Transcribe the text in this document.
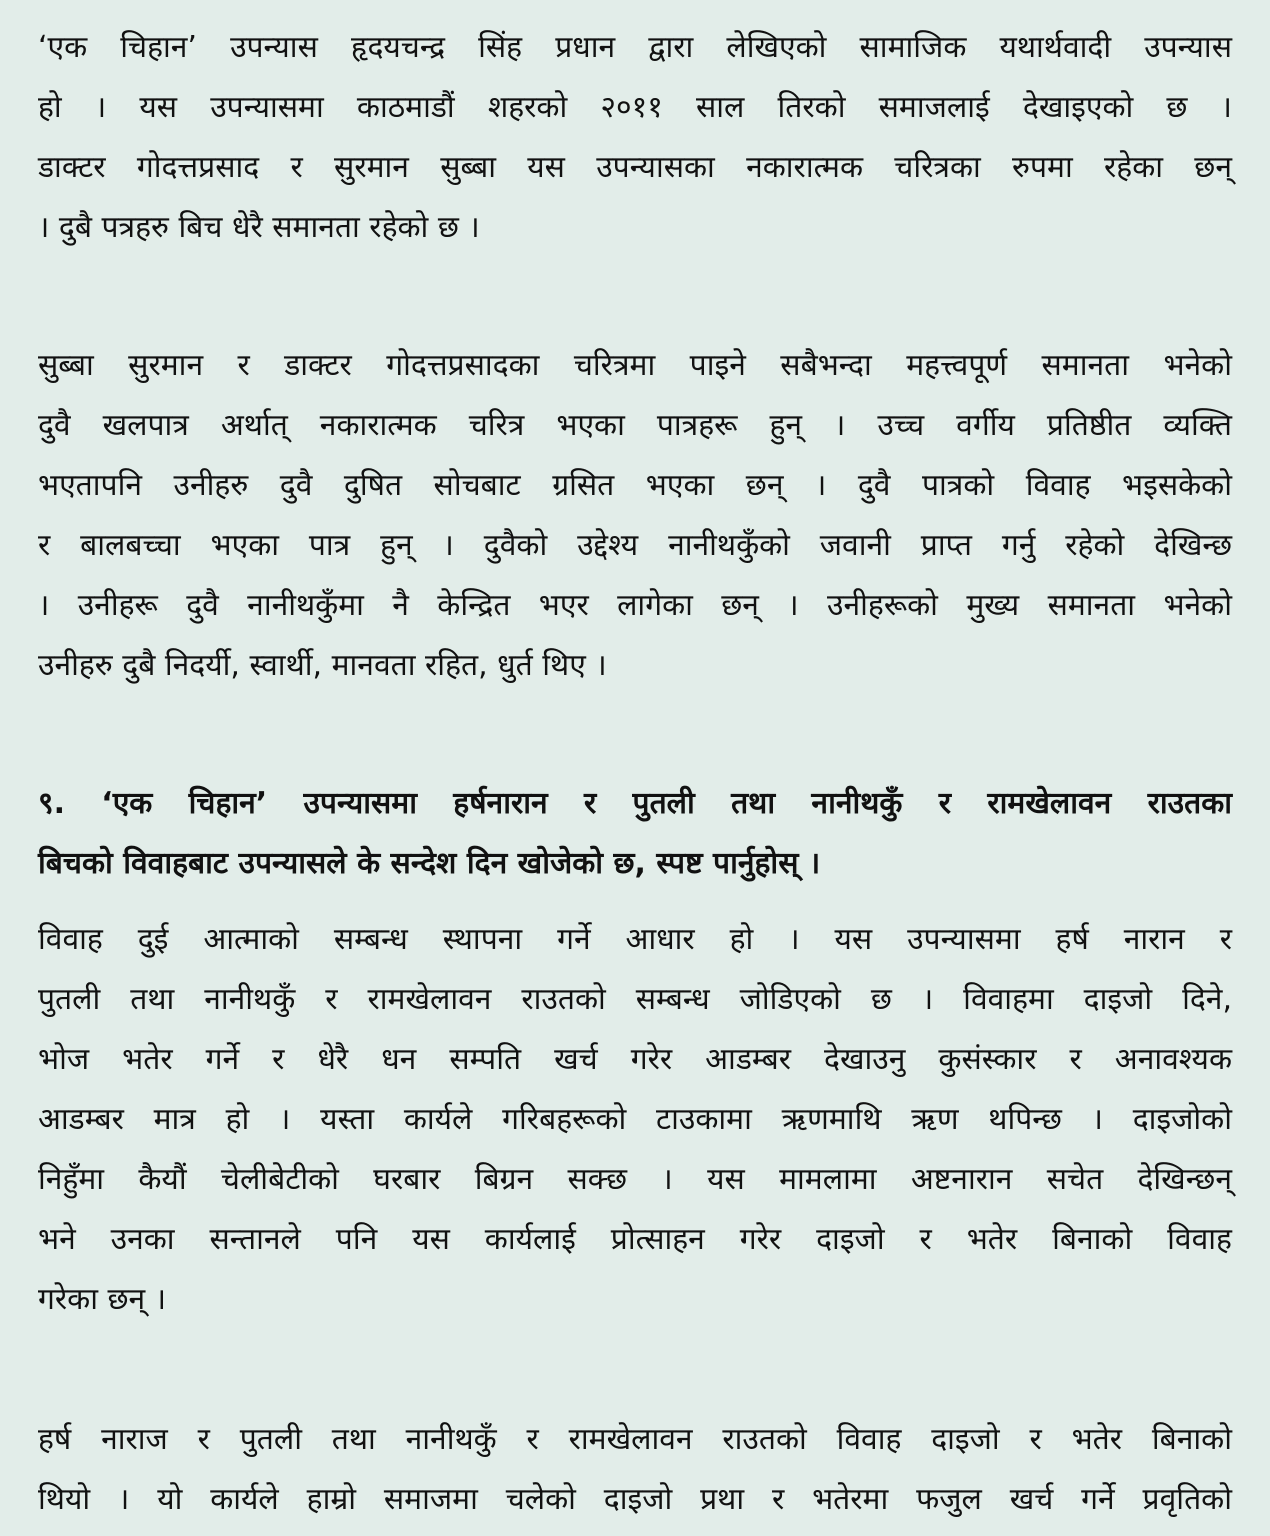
‘एक चिहान’ उपन्यास हृदयचन्द्र सिंह प्रधान द्वारा लेखिएको सामाजिक यथार्थवादी उपन्यास
हो । यस उपन्यासमा काठमाडौं शहरको २०११ साल तिरको समाजलाई देखाइएको छ ।
डाक्टर गोदत्तप्रसाद र सुरमान सुब्बा यस उपन्यासका नकारात्मक चरित्रका रुपमा रहेका छन्
। दुबै पत्रहरु बिच धेरै समानता रहेको छ ।
सुब्बा सुरमान र डाक्टर गोदत्तप्रसादका चरित्रमा पाइने सबैभन्दा महत्त्वपूर्ण समानता भनेको
दुवै खलपात्र अर्थात् नकारात्मक चरित्र भएका पात्रहरू हुन् । उच्च वर्गीय प्रतिष्ठीत व्यक्ति
भएतापनि उनीहरु दुवै दुषित सोचबाट ग्रसित भएका छन् । दुवै पात्रको विवाह भइसकेको
र बालबच्चा भएका पात्र हुन् । दुवैको उद्देश्य नानीथकुँको जवानी प्राप्त गर्नु रहेको देखिन्छ
। उनीहरू दुवै नानीथकुँमा नै केन्द्रित भएर लागेका छन् । उनीहरूको मुख्य समानता भनेको
उनीहरु दुबै निदर्यी, स्वार्थी, मानवता रहित, धुर्त थिए ।
९. ‘एक चिहान’ उपन्यासमा हर्षनारान र पुतली तथा नानीथकुँ र रामखेलावन राउतका
बिचको विवाहबाट उपन्यासले के सन्देश दिन खोजेको छ, स्पष्ट पार्नुहोस् ।
विवाह दुई आत्माको सम्बन्ध स्थापना गर्ने आधार हो । यस उपन्यासमा हर्ष नारान र
पुतली तथा नानीथकुँ र रामखेलावन राउतको सम्बन्ध जोडिएको छ । विवाहमा दाइजो दिने,
भोज भतेर गर्ने र धेरै धन सम्पति खर्च गरेर आडम्बर देखाउनु कुसंस्कार र अनावश्यक
आडम्बर मात्र हो । यस्ता कार्यले गरिबहरूको टाउकामा ऋणमाथि ऋण थपिन्छ । दाइजोको
निहुँमा कैयौं चेलीबेटीको घरबार बिग्रन सक्छ । यस मामलामा अष्टनारान सचेत देखिन्छन्
भने उनका सन्तानले पनि यस कार्यलाई प्रोत्साहन गरेर दाइजो र भतेर बिनाको विवाह
गरेका छन् ।
हर्ष नाराज र पुतली तथा नानीथकुँ र रामखेलावन राउतको विवाह दाइजो र भतेर बिनाको
थियो । यो कार्यले हाम्रो समाजमा चलेको दाइजो प्रथा र भतेरमा फजुल खर्च गर्ने प्रवृतिको
